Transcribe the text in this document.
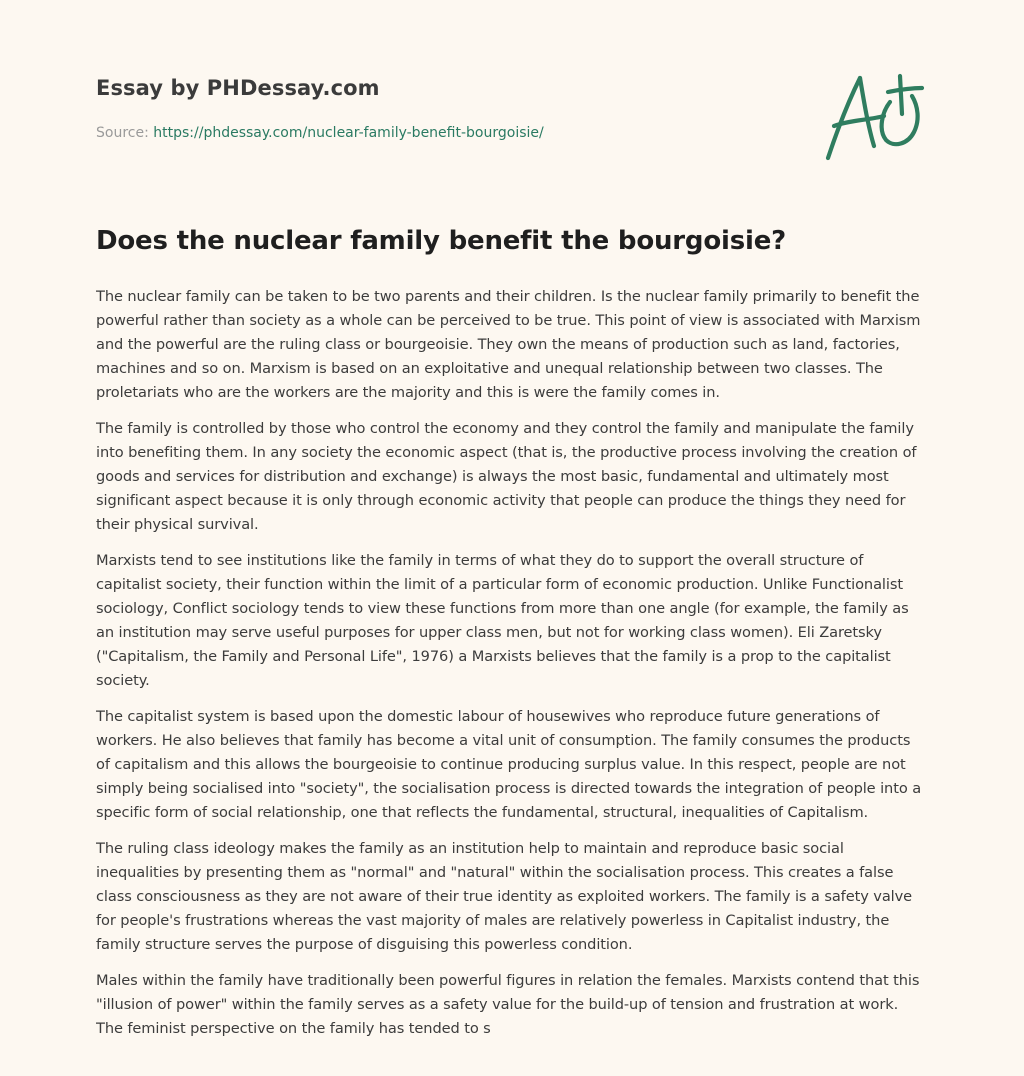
Essay by PHDessay.com
Source: https://phdessay.com/nuclear-family-benefit-bourgoisie/
Does the nuclear family benefit the bourgoisie?

The nuclear family can be taken to be two parents and their children. Is the nuclear family primarily to benefit the powerful rather than society as a whole can be perceived to be true. This point of view is associated with Marxism and the powerful are the ruling class or bourgeoisie. They own the means of production such as land, factories, machines and so on. Marxism is based on an exploitative and unequal relationship between two classes. The proletariats who are the workers are the majority and this is were the family comes in.

The family is controlled by those who control the economy and they control the family and manipulate the family into benefiting them. In any society the economic aspect (that is, the productive process involving the creation of goods and services for distribution and exchange) is always the most basic, fundamental and ultimately most significant aspect because it is only through economic activity that people can produce the things they need for their physical survival.

Marxists tend to see institutions like the family in terms of what they do to support the overall structure of capitalist society, their function within the limit of a particular form of economic production. Unlike Functionalist sociology, Conflict sociology tends to view these functions from more than one angle (for example, the family as an institution may serve useful purposes for upper class men, but not for working class women). Eli Zaretsky ("Capitalism, the Family and Personal Life", 1976) a Marxists believes that the family is a prop to the capitalist society.

The capitalist system is based upon the domestic labour of housewives who reproduce future generations of workers. He also believes that family has become a vital unit of consumption. The family consumes the products of capitalism and this allows the bourgeoisie to continue producing surplus value. In this respect, people are not simply being socialised into "society", the socialisation process is directed towards the integration of people into a specific form of social relationship, one that reflects the fundamental, structural, inequalities of Capitalism.

The ruling class ideology makes the family as an institution help to maintain and reproduce basic social inequalities by presenting them as "normal" and "natural" within the socialisation process. This creates a false class consciousness as they are not aware of their true identity as exploited workers. The family is a safety valve for people's frustrations whereas the vast majority of males are relatively powerless in Capitalist industry, the family structure serves the purpose of disguising this powerless condition.

Males within the family have traditionally been powerful figures in relation the females. Marxists contend that this "illusion of power" within the family serves as a safety value for the build-up of tension and frustration at work. The feminist perspective on the family has tended to s
